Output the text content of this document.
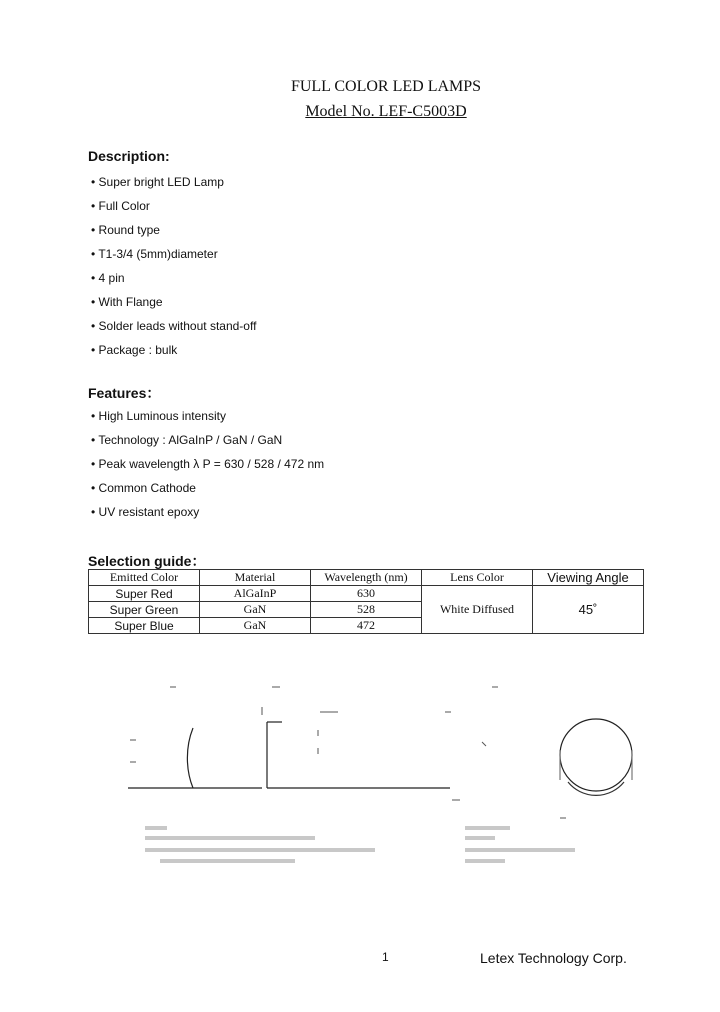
FULL COLOR LED LAMPS
Model No. LEF-C5003D
Description:
• Super bright LED Lamp
• Full Color
• Round type
• T1-3/4 (5mm)diameter
• 4 pin
• With Flange
• Solder leads without stand-off
• Package : bulk
Features：
• High Luminous intensity
• Technology : AlGaInP / GaN / GaN
• Peak wavelength λ P = 630 / 528 / 472 nm
• Common Cathode
• UV resistant epoxy
Selection guide：
Emitted Color	Material	Wavelength (nm)	Lens Color	Viewing Angle
Super Red	AlGaInP	630	White Diffused	45˚
Super Green	GaN	528		
Super Blue	GaN	472		
1	Letex Technology Corp.
